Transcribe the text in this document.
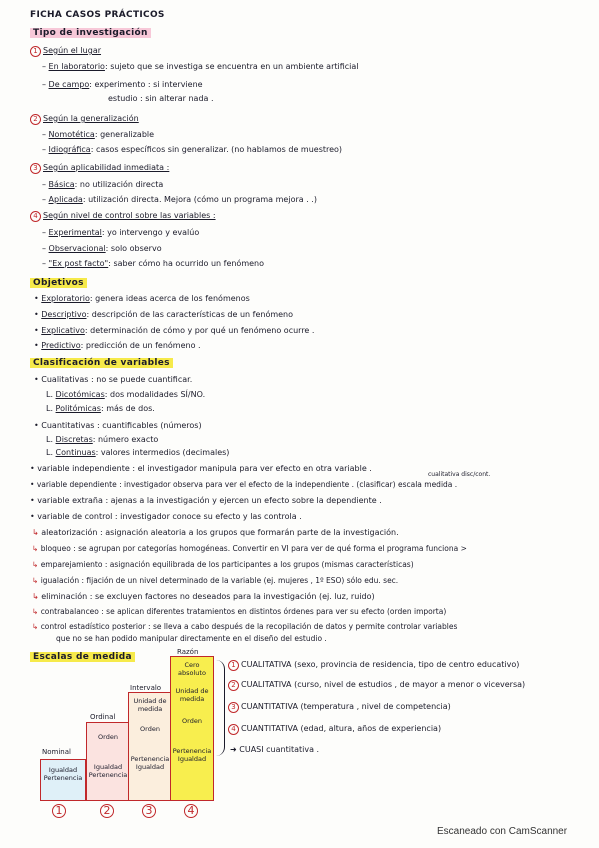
FICHA CASOS PRÁCTICOS
Tipo de investigación
1 Según el lugar
– En laboratorio: sujeto que se investiga se encuentra en un ambiente artificial
– De campo: experimento : si interviene
estudio : sin alterar nada .
2 Según la generalización
– Nomotética: generalizable
– Idiográfica: casos específicos sin generalizar. (no hablamos de muestreo)
3 Según aplicabilidad inmediata :
– Básica: no utilización directa
– Aplicada: utilización directa. Mejora (cómo un programa mejora . .)
4 Según nivel de control sobre las variables :
– Experimental: yo intervengo y evalúo
– Observacional: solo observo
– "Ex post facto": saber cómo ha ocurrido un fenómeno
Objetivos
• Exploratorio: genera ideas acerca de los fenómenos
• Descriptivo: descripción de las características de un fenómeno
• Explicativo: determinación de cómo y por qué un fenómeno ocurre .
• Predictivo: predicción de un fenómeno .
Clasificación de variables
• Cualitativas : no se puede cuantificar.
L. Dicotómicas: dos modalidades SÍ/NO.
L. Politómicas: más de dos.
• Cuantitativas : cuantificables (números)
L. Discretas: número exacto
L. Continuas: valores intermedios (decimales)
• variable independiente : el investigador manipula para ver efecto en otra variable .
cualitativa disc/cont.
• variable dependiente : investigador observa para ver el efecto de la independiente . (clasificar) escala medida .
• variable extraña : ajenas a la investigación y ejercen un efecto sobre la dependiente .
• variable de control : investigador conoce su efecto y las controla .
↳ aleatorización : asignación aleatoria a los grupos que formarán parte de la investigación.
↳ bloqueo : se agrupan por categorías homogéneas. Convertir en VI para ver de qué forma el programa funciona >
↳ emparejamiento : asignación equilibrada de los participantes a los grupos (mismas características)
↳ igualación : fijación de un nivel determinado de la variable (ej. mujeres , 1º ESO) sólo edu. sec.
↳ eliminación : se excluyen factores no deseados para la investigación (ej. luz, ruido)
↳ contrabalanceo : se aplican diferentes tratamientos en distintos órdenes para ver su efecto (orden importa)
↳ control estadístico posterior : se lleva a cabo después de la recopilación de datos y permite controlar variables
que no se han podido manipular directamente en el diseño del estudio .
Escalas de medida
Nominal
Ordinal
Intervalo
Razón
Igualdad
Pertenencia
Orden
Igualdad
Pertenencia
Unidad de medida
Orden
Pertenencia
Igualdad
Cero absoluto
Unidad de medida
Orden
Pertenencia
Igualdad
1	2	3	4
1 CUALITATIVA (sexo, provincia de residencia, tipo de centro educativo)
2 CUALITATIVA (curso, nivel de estudios , de mayor a menor o viceversa)
3 CUANTITATIVA (temperatura , nivel de competencia)
4 CUANTITATIVA (edad, altura, años de experiencia)
➜ CUASI cuantitativa .
Escaneado con CamScanner
